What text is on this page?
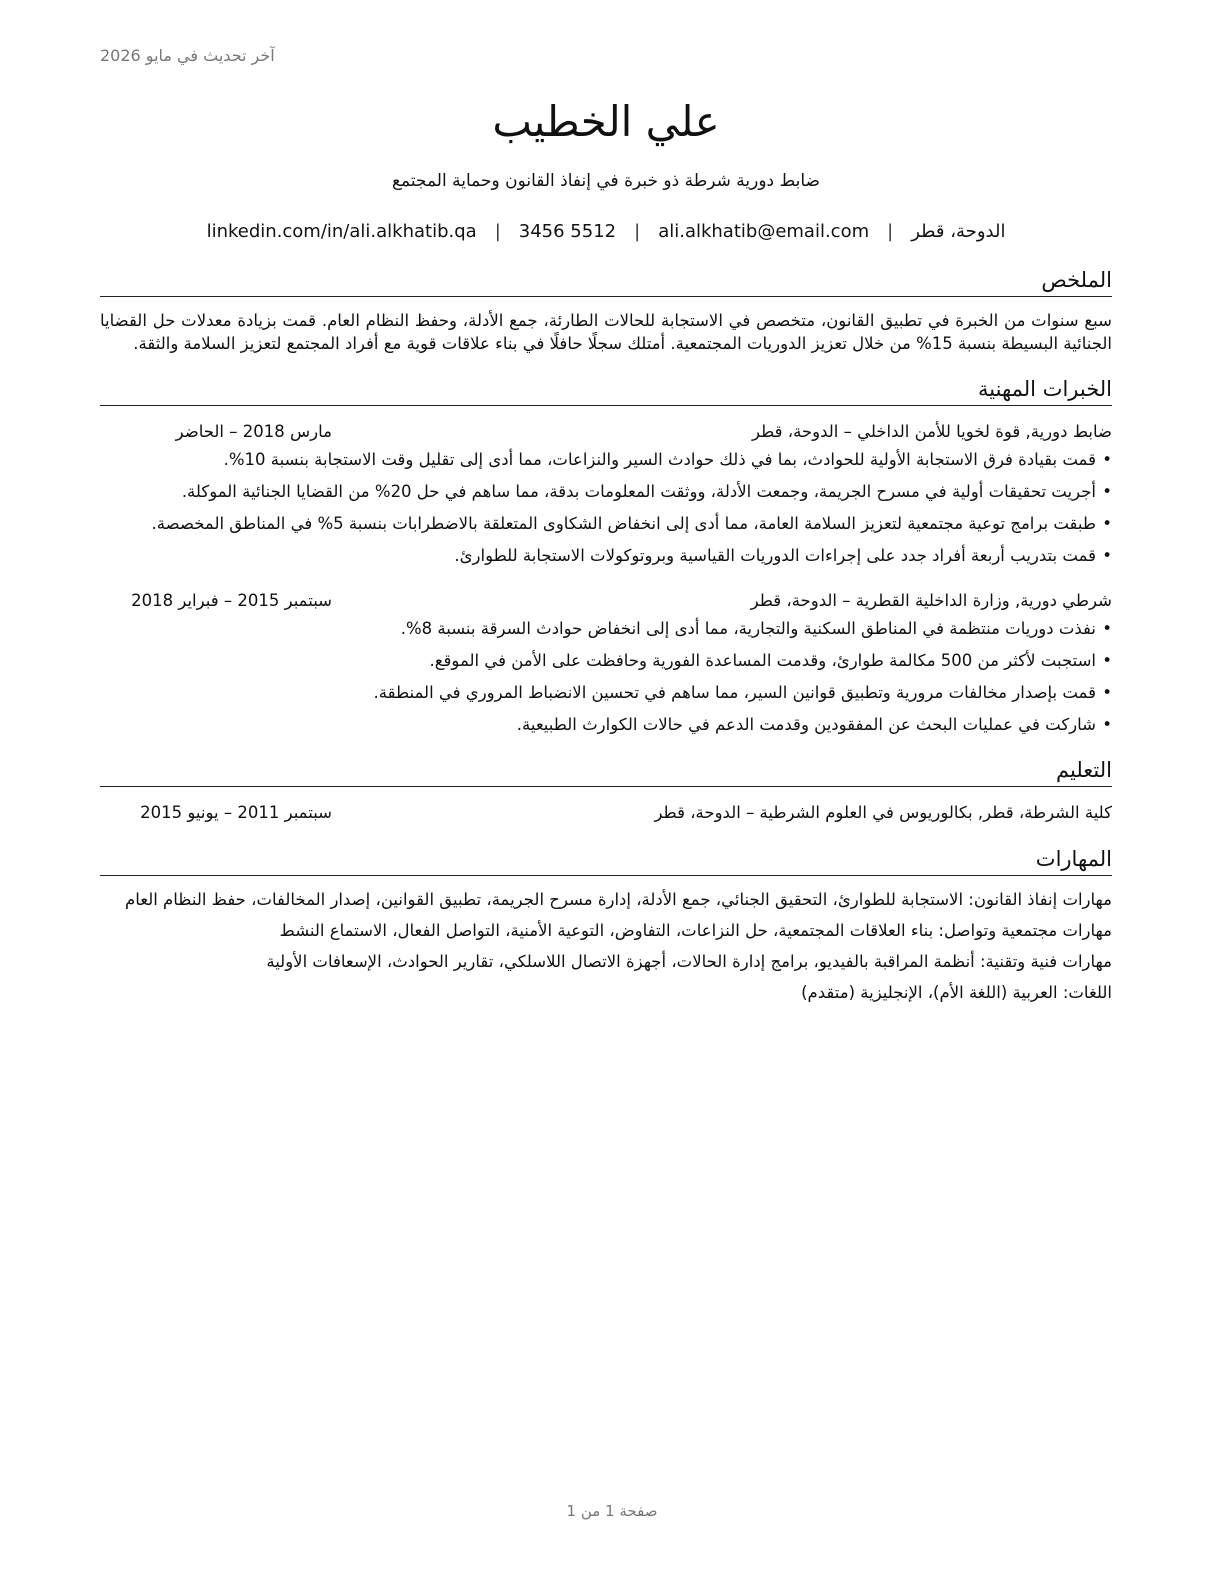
آخر تحديث في مايو 2026
علي الخطيب
ضابط دورية شرطة ذو خبرة في إنفاذ القانون وحماية المجتمع
الدوحة، قطر
|
ali.alkhatib@email.com
|
3456 5512
|
linkedin.com/in/ali.alkhatib.qa
الملخص
سبع سنوات من الخبرة في تطبيق القانون، متخصص في الاستجابة للحالات الطارئة، جمع الأدلة، وحفظ النظام العام. قمت بزيادة معدلات حل القضايا الجنائية البسيطة بنسبة 15% من خلال تعزيز الدوريات المجتمعية. أمتلك سجلًا حافلًا في بناء علاقات قوية مع أفراد المجتمع لتعزيز السلامة والثقة.
الخبرات المهنية
ضابط دورية, قوة لخويا للأمن الداخلي – الدوحة، قطر
مارس 2018 – الحاضر
• قمت بقيادة فرق الاستجابة الأولية للحوادث، بما في ذلك حوادث السير والنزاعات، مما أدى إلى تقليل وقت الاستجابة بنسبة 10%.
• أجريت تحقيقات أولية في مسرح الجريمة، وجمعت الأدلة، ووثقت المعلومات بدقة، مما ساهم في حل 20% من القضايا الجنائية الموكلة.
• طبقت برامج توعية مجتمعية لتعزيز السلامة العامة، مما أدى إلى انخفاض الشكاوى المتعلقة بالاضطرابات بنسبة 5% في المناطق المخصصة.
• قمت بتدريب أربعة أفراد جدد على إجراءات الدوريات القياسية وبروتوكولات الاستجابة للطوارئ.
شرطي دورية, وزارة الداخلية القطرية – الدوحة، قطر
سبتمبر 2015 – فبراير 2018
• نفذت دوريات منتظمة في المناطق السكنية والتجارية، مما أدى إلى انخفاض حوادث السرقة بنسبة 8%.
• استجبت لأكثر من 500 مكالمة طوارئ، وقدمت المساعدة الفورية وحافظت على الأمن في الموقع.
• قمت بإصدار مخالفات مرورية وتطبيق قوانين السير، مما ساهم في تحسين الانضباط المروري في المنطقة.
• شاركت في عمليات البحث عن المفقودين وقدمت الدعم في حالات الكوارث الطبيعية.
التعليم
كلية الشرطة، قطر, بكالوريوس في العلوم الشرطية – الدوحة، قطر
سبتمبر 2011 – يونيو 2015
المهارات
مهارات إنفاذ القانون: الاستجابة للطوارئ، التحقيق الجنائي، جمع الأدلة، إدارة مسرح الجريمة، تطبيق القوانين، إصدار المخالفات، حفظ النظام العام
مهارات مجتمعية وتواصل: بناء العلاقات المجتمعية، حل النزاعات، التفاوض، التوعية الأمنية، التواصل الفعال، الاستماع النشط
مهارات فنية وتقنية: أنظمة المراقبة بالفيديو، برامج إدارة الحالات، أجهزة الاتصال اللاسلكي، تقارير الحوادث، الإسعافات الأولية
اللغات: العربية (اللغة الأم)، الإنجليزية (متقدم)
صفحة 1 من 1
